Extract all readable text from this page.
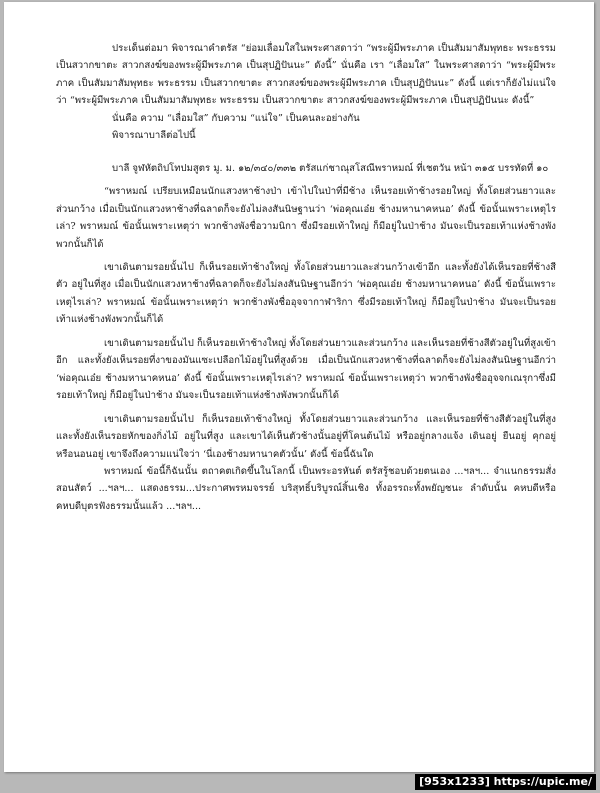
ประเด็นต่อมา พิจารณาคำตรัส “ย่อมเลื่อมใสในพระศาสดาว่า “พระผู้มีพระภาค เป็นสัมมาสัมพุทธะ พระธรรม เป็นสวากขาตะ สาวกสงฆ์ของพระผู้มีพระภาค เป็นสุปฏิปันนะ” ดังนี้” นั่นคือ เรา “เลื่อมใส” ในพระศาสดาว่า “พระผู้มีพระภาค เป็นสัมมาสัมพุทธะ พระธรรม เป็นสวากขาตะ สาวกสงฆ์ของพระผู้มีพระภาค เป็นสุปฏิปันนะ” ดังนี้ แต่เราก็ยังไม่แน่ใจว่า “พระผู้มีพระภาค เป็นสัมมาสัมพุทธะ พระธรรม เป็นสวากขาตะ สาวกสงฆ์ของพระผู้มีพระภาค เป็นสุปฏิปันนะ ดังนี้”

นั่นคือ ความ “เลื่อมใส” กับความ “แน่ใจ” เป็นคนละอย่างกัน

พิจารณาบาลีต่อไปนี้

บาลี จูฬหัตถิปโทปมสูตร มู. ม. ๑๒/๓๔๐/๓๓๒ ตรัสแก่ชาณุสโสณีพราหมณ์ ที่เชตวัน หน้า ๓๑๕ บรรทัดที่ ๑๐

“พราหมณ์ เปรียบเหมือนนักแสวงหาช้างป่า เข้าไปในป่าที่มีช้าง เห็นรอยเท้าช้างรอยใหญ่ ทั้งโดยส่วนยาวและส่วนกว้าง เมื่อเป็นนักแสวงหาช้างที่ฉลาดก็จะยังไม่ลงสันนิษฐานว่า ‘พ่อคุณเอ๋ย ช้างมหานาคหนอ’ ดังนี้ ข้อนั้นเพราะเหตุไรเล่า? พราหมณ์ ข้อนั้นเพราะเหตุว่า พวกช้างพังชื่อวามนิกา ซึ่งมีรอยเท้าใหญ่ ก็มีอยู่ในป่าช้าง มันจะเป็นรอยเท้าแห่งช้างพังพวกนั้นก็ได้

เขาเดินตามรอยนั้นไป ก็เห็นรอยเท้าช้างใหญ่ ทั้งโดยส่วนยาวและส่วนกว้างเข้าอีก และทั้งยังได้เห็นรอยที่ช้างสีตัว อยู่ในที่สูง เมื่อเป็นนักแสวงหาช้างที่ฉลาดก็จะยังไม่ลงสันนิษฐานอีกว่า ‘พ่อคุณเอ๋ย ช้างมหานาคหนอ’ ดังนี้ ข้อนั้นเพราะเหตุไรเล่า? พราหมณ์ ข้อนั้นเพราะเหตุว่า พวกช้างพังชื่ออุจจากาฬาริกา ซึ่งมีรอยเท้าใหญ่ ก็มีอยู่ในป่าช้าง มันจะเป็นรอยเท้าแห่งช้างพังพวกนั้นก็ได้

เขาเดินตามรอยนั้นไป ก็เห็นรอยเท้าช้างใหญ่ ทั้งโดยส่วนยาวและส่วนกว้าง และเห็นรอยที่ช้างสีตัวอยู่ในที่สูงเข้าอีก และทั้งยังเห็นรอยที่งาของมันแซะเปลือกไม้อยู่ในที่สูงด้วย เมื่อเป็นนักแสวงหาช้างที่ฉลาดก็จะยังไม่ลงสันนิษฐานอีกว่า ‘พ่อคุณเอ๋ย ช้างมหานาคหนอ’ ดังนี้ ข้อนั้นเพราะเหตุไรเล่า? พราหมณ์ ข้อนั้นเพราะเหตุว่า พวกช้างพังชื่ออุจจกเณรุกาซึ่งมีรอยเท้าใหญ่ ก็มีอยู่ในป่าช้าง มันจะเป็นรอยเท้าแห่งช้างพังพวกนั้นก็ได้

เขาเดินตามรอยนั้นไป ก็เห็นรอยเท้าช้างใหญ่ ทั้งโดยส่วนยาวและส่วนกว้าง และเห็นรอยที่ช้างสีตัวอยู่ในที่สูง และทั้งยังเห็นรอยหักของกิ่งไม้ อยู่ในที่สูง และเขาได้เห็นตัวช้างนั้นอยู่ที่โคนต้นไม้ หรืออยู่กลางแจ้ง เดินอยู่ ยืนอยู่ คุกอยู่ หรือนอนอยู่ เขาจึงถึงความแน่ใจว่า ‘นี่เองช้างมหานาคตัวนั้น’ ดังนี้ ข้อนี้ฉันใด

พราหมณ์ ข้อนี้ก็ฉันนั้น ตถาคตเกิดขึ้นในโลกนี้ เป็นพระอรหันต์ ตรัสรู้ชอบด้วยตนเอง ...ฯลฯ... จำแนกธรรมสั่งสอนสัตว์ ...ฯลฯ... แสดงธรรม...ประกาศพรหมจรรย์ บริสุทธิ์บริบูรณ์สิ้นเชิง ทั้งอรรถะทั้งพยัญชนะ ลำดับนั้น คหบดีหรือคหบดีบุตรฟังธรรมนั้นแล้ว ...ฯลฯ...

[953x1233] https://upic.me/
